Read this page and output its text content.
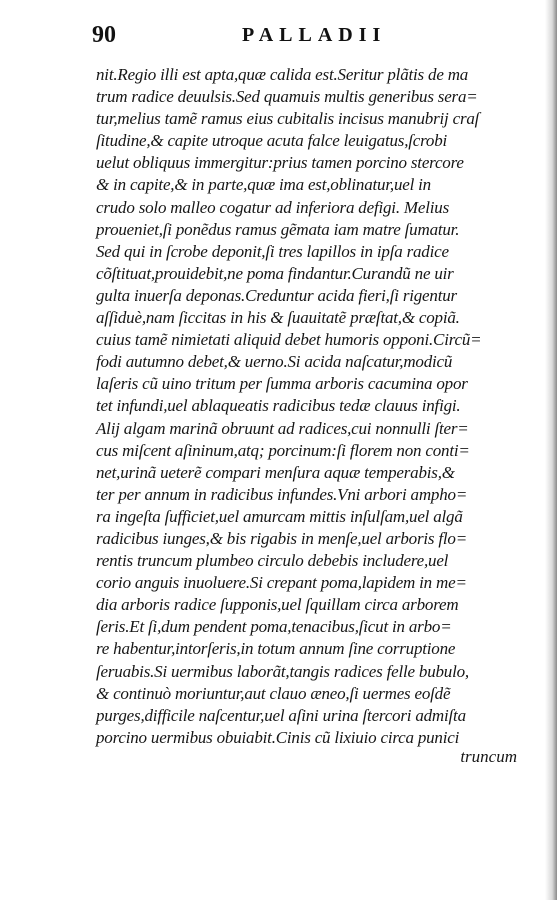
90	PALLADII
nit.Regio illi est apta,quæ calida est.Seritur plãtis de ma
trum radice deuulsis.Sed quamuis multis generibus sera=
tur,melius tamẽ ramus eius cubitalis incisus manubrij craſ
ſitudine,& capite utroque acuta falce leuigatus,ſcrobi
uelut obliquus immergitur:prius tamen porcino stercore
& in capite,& in parte,quæ ima est,oblinatur,uel in
crudo solo malleo cogatur ad inferiora defigi. Melius
proueniet,ſi ponẽdus ramus gẽmata iam matre ſumatur.
Sed qui in ſcrobe deponit,ſi tres lapillos in ipſa radice
cõſtituat,prouidebit,ne poma findantur.Curandũ ne uir
gulta inuerſa deponas.Creduntur acida fieri,ſi rigentur
aſſiduè,nam ſiccitas in his & ſuauitatẽ præſtat,& copiã.
cuius tamẽ nimietati aliquid debet humoris opponi.Circũ=
fodi autumno debet,& uerno.Si acida naſcatur,modicũ
laſeris cũ uino tritum per ſumma arboris cacumina opor
tet infundi,uel ablaqueatis radicibus tedæ clauus infigi.
Alij algam marinã obruunt ad radices,cui nonnulli ſter=
cus miſcent aſininum,atq; porcinum:ſi florem non conti=
net,urinã ueterẽ compari menſura aquæ temperabis,&
ter per annum in radicibus infundes.Vni arbori ampho=
ra ingeſta ſufficiet,uel amurcam mittis inſulſam,uel algã
radicibus iunges,& bis rigabis in menſe,uel arboris flo=
rentis truncum plumbeo circulo debebis includere,uel
corio anguis inuoluere.Si crepant poma,lapidem in me=
dia arboris radice ſupponis,uel ſquillam circa arborem
ſeris.Et ſi,dum pendent poma,tenacibus,ſicut in arbo=
re habentur,intorſeris,in totum annum ſine corruptione
ſeruabis.Si uermibus laborãt,tangis radices felle bubulo,
& continuò moriuntur,aut clauo æneo,ſi uermes eoſdẽ
purges,difficile naſcentur,uel aſini urina ſtercori admiſta
porcino uermibus obuiabit.Cinis cũ lixiuio circa punici
truncum
